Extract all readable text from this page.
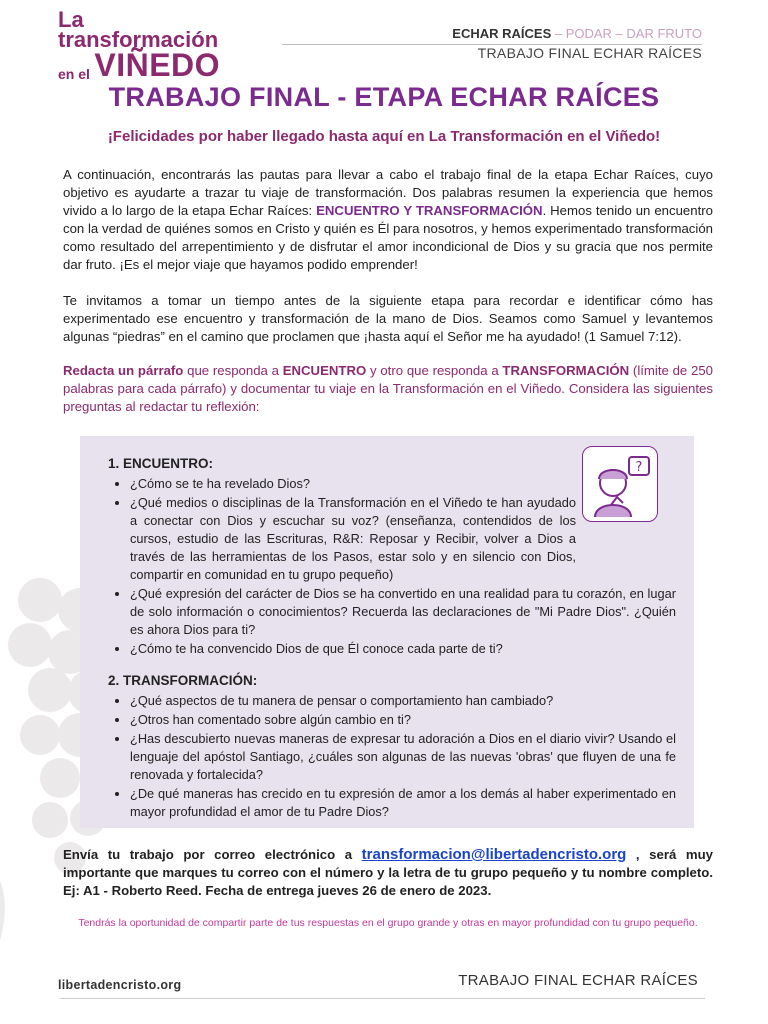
La
transformación
en el VIÑEDO
ECHAR RAÍCES – PODAR – DAR FRUTO
TRABAJO FINAL ECHAR RAÍCES
TRABAJO FINAL - ETAPA ECHAR RAÍCES
¡Felicidades por haber llegado hasta aquí en La Transformación en el Viñedo!
A continuación, encontrarás las pautas para llevar a cabo el trabajo final de la etapa Echar Raíces, cuyo objetivo es ayudarte a trazar tu viaje de transformación. Dos palabras resumen la experiencia que hemos vivido a lo largo de la etapa Echar Raíces: ENCUENTRO Y TRANSFORMACIÓN. Hemos tenido un encuentro con la verdad de quiénes somos en Cristo y quién es Él para nosotros, y hemos experimentado transformación como resultado del arrepentimiento y de disfrutar el amor incondicional de Dios y su gracia que nos permite dar fruto. ¡Es el mejor viaje que hayamos podido emprender!
Te invitamos a tomar un tiempo antes de la siguiente etapa para recordar e identificar cómo has experimentado ese encuentro y transformación de la mano de Dios. Seamos como Samuel y levantemos algunas “piedras” en el camino que proclamen que ¡hasta aquí el Señor me ha ayudado! (1 Samuel 7:12).
Redacta un párrafo que responda a ENCUENTRO y otro que responda a TRANSFORMACIÓN (límite de 250 palabras para cada párrafo) y documentar tu viaje en la Transformación en el Viñedo. Considera las siguientes preguntas al redactar tu reflexión:
?
1. ENCUENTRO:
• ¿Cómo se te ha revelado Dios?
• ¿Qué medios o disciplinas de la Transformación en el Viñedo te han ayudado a conectar con Dios y escuchar su voz? (enseñanza, contendidos de los cursos, estudio de las Escrituras, R&R: Reposar y Recibir, volver a Dios a través de las herramientas de los Pasos, estar solo y en silencio con Dios, compartir en comunidad en tu grupo pequeño)
• ¿Qué expresión del carácter de Dios se ha convertido en una realidad para tu corazón, en lugar de solo información o conocimientos? Recuerda las declaraciones de "Mi Padre Dios". ¿Quién es ahora Dios para ti?
• ¿Cómo te ha convencido Dios de que Él conoce cada parte de ti?
2. TRANSFORMACIÓN:
• ¿Qué aspectos de tu manera de pensar o comportamiento han cambiado?
• ¿Otros han comentado sobre algún cambio en ti?
• ¿Has descubierto nuevas maneras de expresar tu adoración a Dios en el diario vivir? Usando el lenguaje del apóstol Santiago, ¿cuáles son algunas de las nuevas 'obras' que fluyen de una fe renovada y fortalecida?
• ¿De qué maneras has crecido en tu expresión de amor a los demás al haber experimentado en mayor profundidad el amor de tu Padre Dios?
Envía tu trabajo por correo electrónico a transformacion@libertadencristo.org , será muy importante que marques tu correo con el número y la letra de tu grupo pequeño y tu nombre completo. Ej: A1 - Roberto Reed. Fecha de entrega jueves 26 de enero de 2023.
Tendrás la oportunidad de compartir parte de tus respuestas en el grupo grande y otras en mayor profundidad con tu grupo pequeño.
libertadencristo.org	TRABAJO FINAL ECHAR RAÍCES
